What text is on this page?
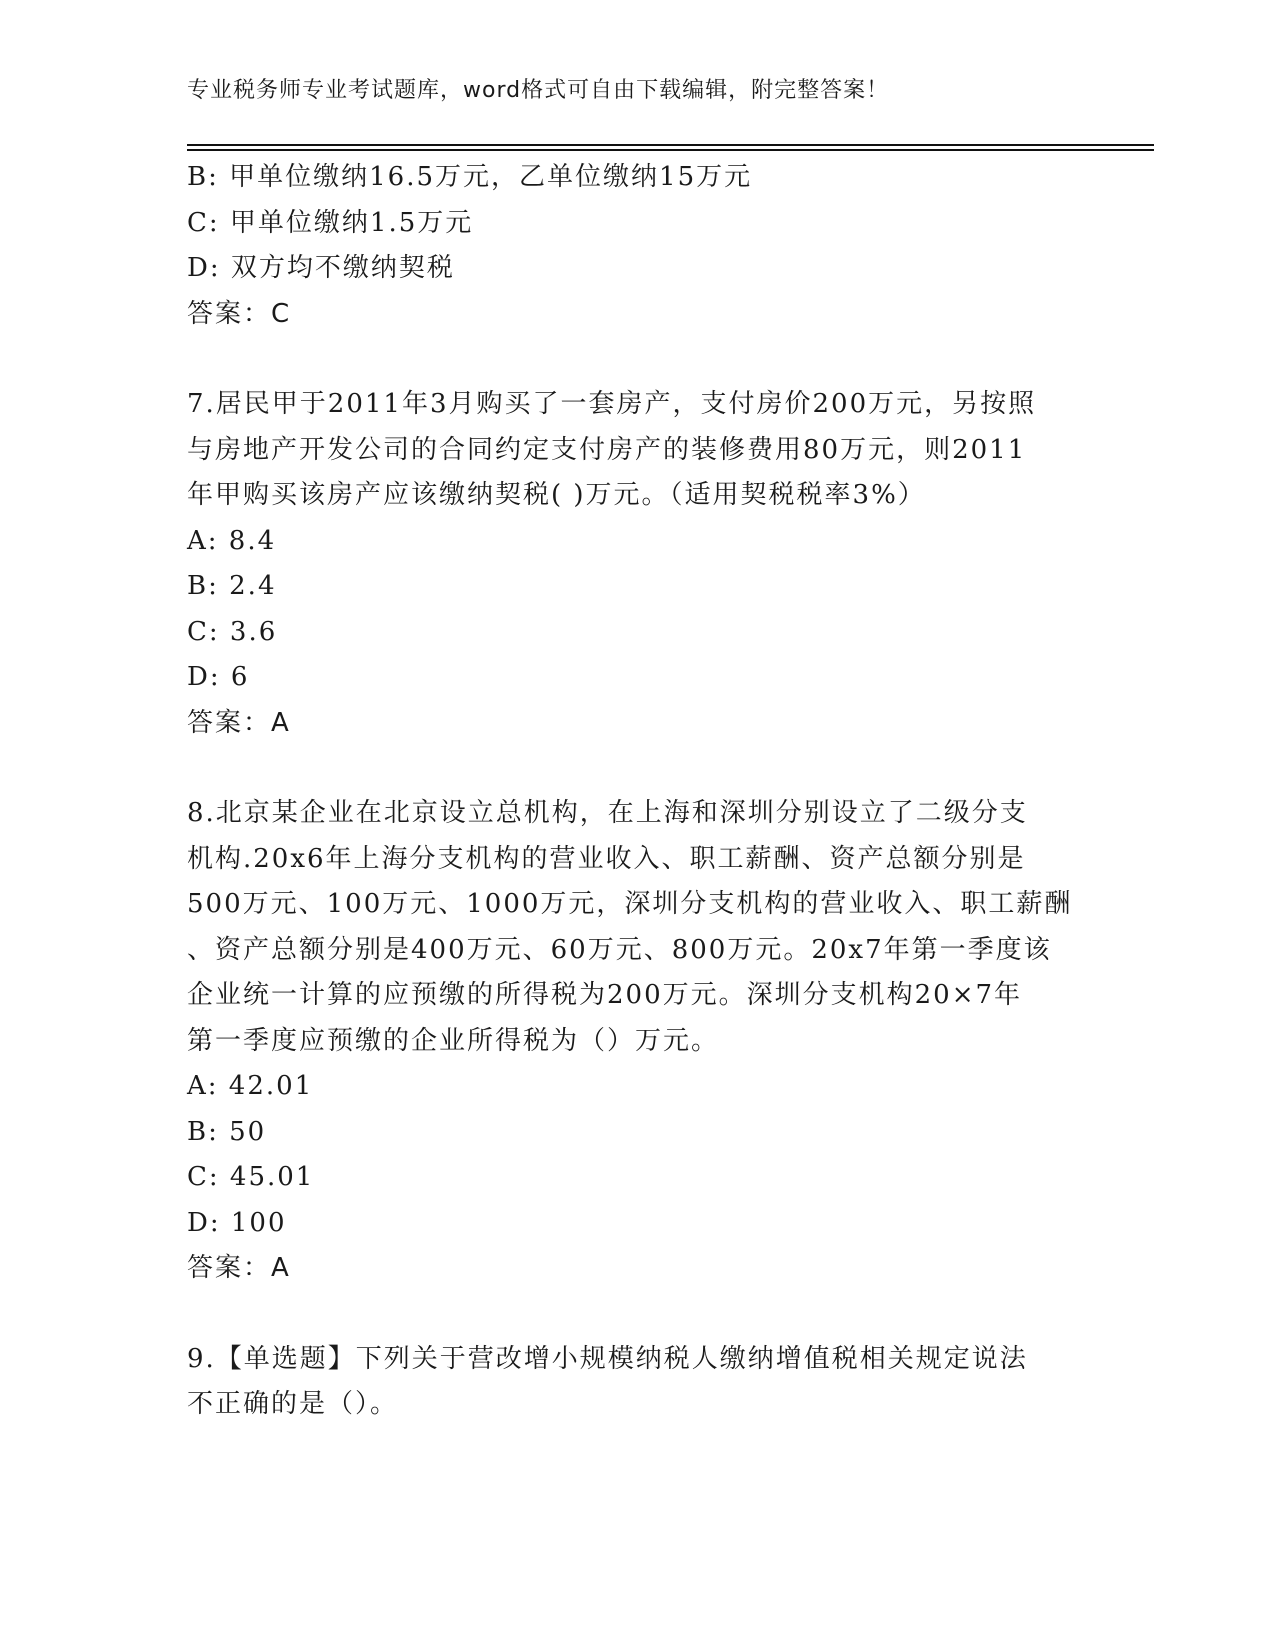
专业税务师专业考试题库，word格式可自由下载编辑，附完整答案！
B: 甲单位缴纳16.5万元，乙单位缴纳15万元
C: 甲单位缴纳1.5万元
D: 双方均不缴纳契税
答案：C
7.居民甲于2011年3月购买了一套房产，支付房价200万元，另按照
与房地产开发公司的合同约定支付房产的装修费用80万元，则2011
年甲购买该房产应该缴纳契税( )万元。（适用契税税率3%）
A: 8.4
B: 2.4
C: 3.6
D: 6
答案：A
8.北京某企业在北京设立总机构，在上海和深圳分别设立了二级分支
机构.20x6年上海分支机构的营业收入、职工薪酬、资产总额分别是
500万元、100万元、1000万元，深圳分支机构的营业收入、职工薪酬
、资产总额分别是400万元、60万元、800万元。20x7年第一季度该
企业统一计算的应预缴的所得税为200万元。深圳分支机构20×7年
第一季度应预缴的企业所得税为（）万元。
A: 42.01
B: 50
C: 45.01
D: 100
答案：A
9.【单选题】下列关于营改增小规模纳税人缴纳增值税相关规定说法
不正确的是（）。
